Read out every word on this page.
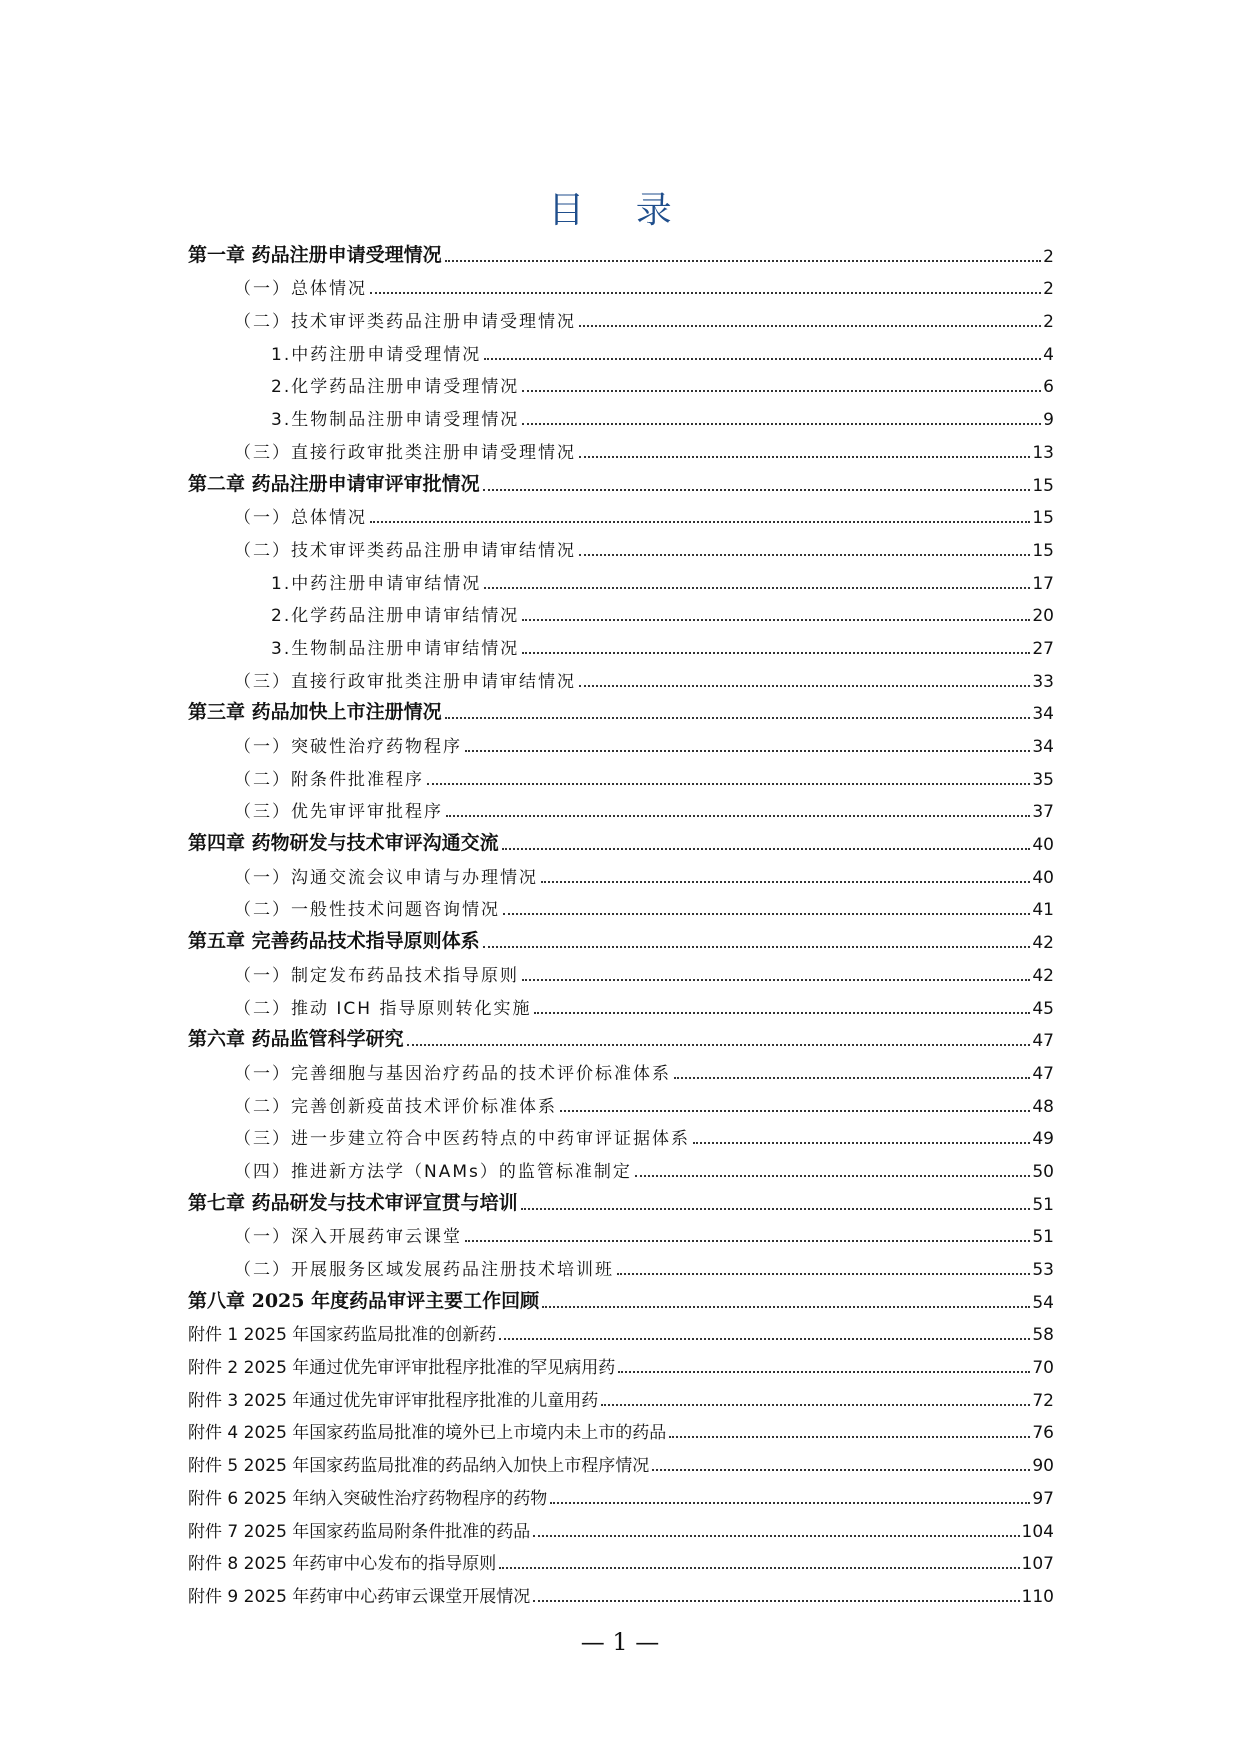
目 录
第一章 药品注册申请受理情况	2
（一）总体情况	2
（二）技术审评类药品注册申请受理情况	2
1.中药注册申请受理情况	4
2.化学药品注册申请受理情况	6
3.生物制品注册申请受理情况	9
（三）直接行政审批类注册申请受理情况	13
第二章 药品注册申请审评审批情况	15
（一）总体情况	15
（二）技术审评类药品注册申请审结情况	15
1.中药注册申请审结情况	17
2.化学药品注册申请审结情况	20
3.生物制品注册申请审结情况	27
（三）直接行政审批类注册申请审结情况	33
第三章 药品加快上市注册情况	34
（一）突破性治疗药物程序	34
（二）附条件批准程序	35
（三）优先审评审批程序	37
第四章 药物研发与技术审评沟通交流	40
（一）沟通交流会议申请与办理情况	40
（二）一般性技术问题咨询情况	41
第五章 完善药品技术指导原则体系	42
（一）制定发布药品技术指导原则	42
（二）推动 ICH 指导原则转化实施	45
第六章 药品监管科学研究	47
（一）完善细胞与基因治疗药品的技术评价标准体系	47
（二）完善创新疫苗技术评价标准体系	48
（三）进一步建立符合中医药特点的中药审评证据体系	49
（四）推进新方法学（NAMs）的监管标准制定	50
第七章 药品研发与技术审评宣贯与培训	51
（一）深入开展药审云课堂	51
（二）开展服务区域发展药品注册技术培训班	53
第八章 2025 年度药品审评主要工作回顾	54
附件 1 2025 年国家药监局批准的创新药	58
附件 2 2025 年通过优先审评审批程序批准的罕见病用药	70
附件 3 2025 年通过优先审评审批程序批准的儿童用药	72
附件 4 2025 年国家药监局批准的境外已上市境内未上市的药品	76
附件 5 2025 年国家药监局批准的药品纳入加快上市程序情况	90
附件 6 2025 年纳入突破性治疗药物程序的药物	97
附件 7 2025 年国家药监局附条件批准的药品	104
附件 8 2025 年药审中心发布的指导原则	107
附件 9 2025 年药审中心药审云课堂开展情况	110
— 1 —
